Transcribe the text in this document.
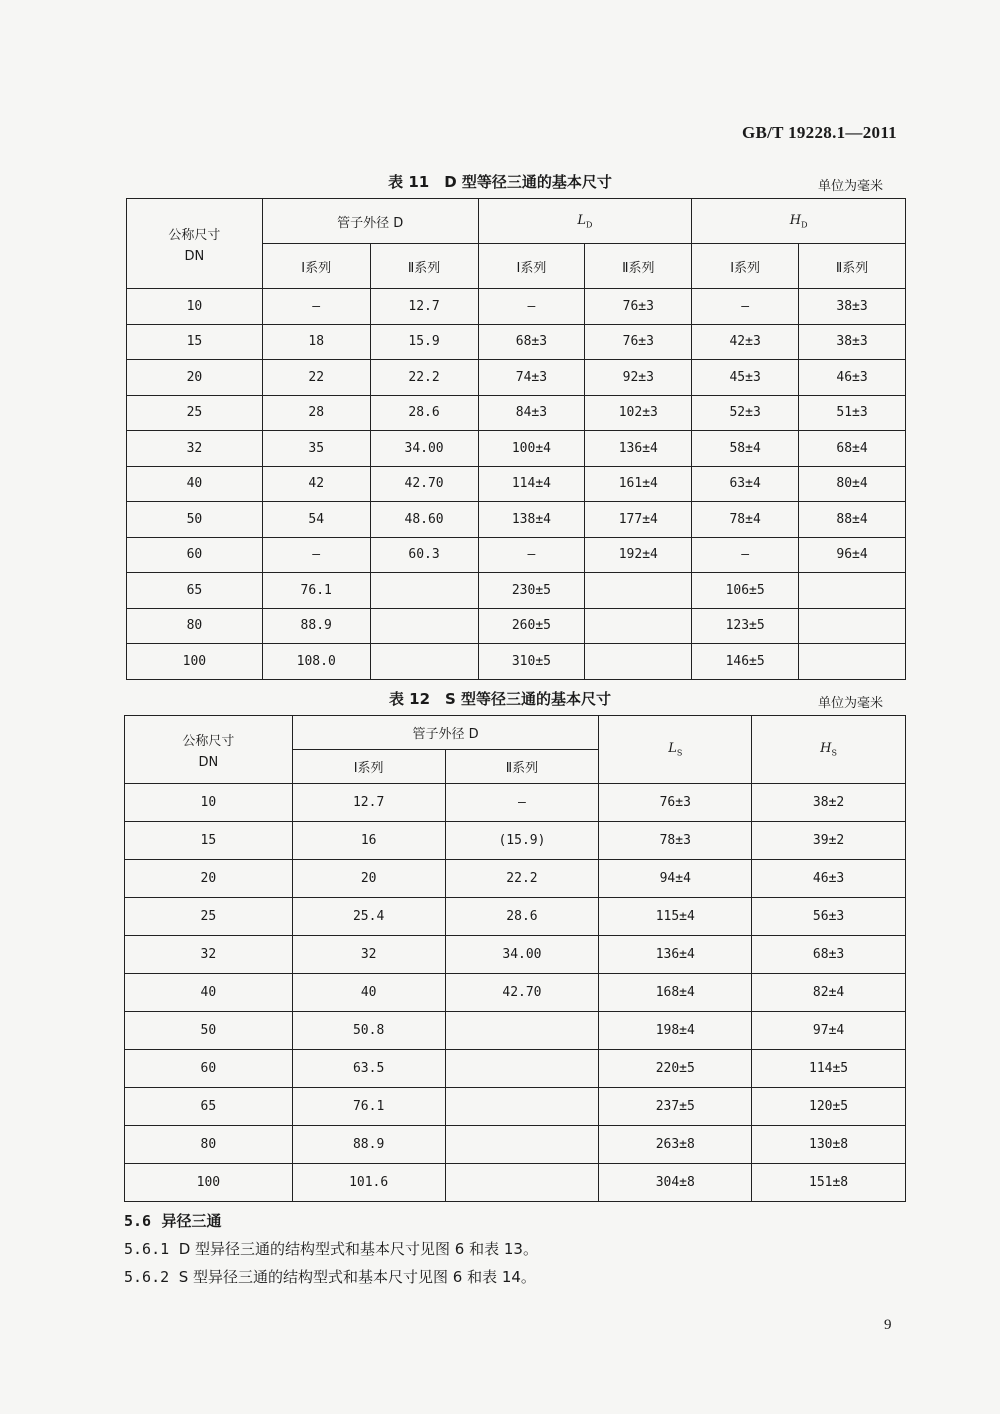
GB/T 19228.1—2011
表 11　D 型等径三通的基本尺寸	单位为毫米
公称尺寸
DN	管子外径 D		$L_D$		$H_D$
	Ⅰ系列	Ⅱ系列	Ⅰ系列	Ⅱ系列	Ⅰ系列	Ⅱ系列
10	—	12.7	—	76±3	—	38±3
15	18	15.9	68±3	76±3	42±3	38±3
20	22	22.2	74±3	92±3	45±3	46±3
25	28	28.6	84±3	102±3	52±3	51±3
32	35	34.00	100±4	136±4	58±4	68±4
40	42	42.70	114±4	161±4	63±4	80±4
50	54	48.60	138±4	177±4	78±4	88±4
60	—	60.3	—	192±4	—	96±4
65	76.1		230±5		106±5	
80	88.9		260±5		123±5	
100	108.0		310±5		146±5	
表 12　S 型等径三通的基本尺寸	单位为毫米
公称尺寸
DN	管子外径 D		$L_S$	$H_S$
	Ⅰ系列	Ⅱ系列		
10	12.7	—	76±3	38±2
15	16	(15.9)	78±3	39±2
20	20	22.2	94±4	46±3
25	25.4	28.6	115±4	56±3
32	32	34.00	136±4	68±3
40	40	42.70	168±4	82±4
50	50.8		198±4	97±4
60	63.5		220±5	114±5
65	76.1		237±5	120±5
80	88.9		263±8	130±8
100	101.6		304±8	151±8
5.6 异径三通
5.6.1 D 型异径三通的结构型式和基本尺寸见图 6 和表 13。
5.6.2 S 型异径三通的结构型式和基本尺寸见图 6 和表 14。
9
